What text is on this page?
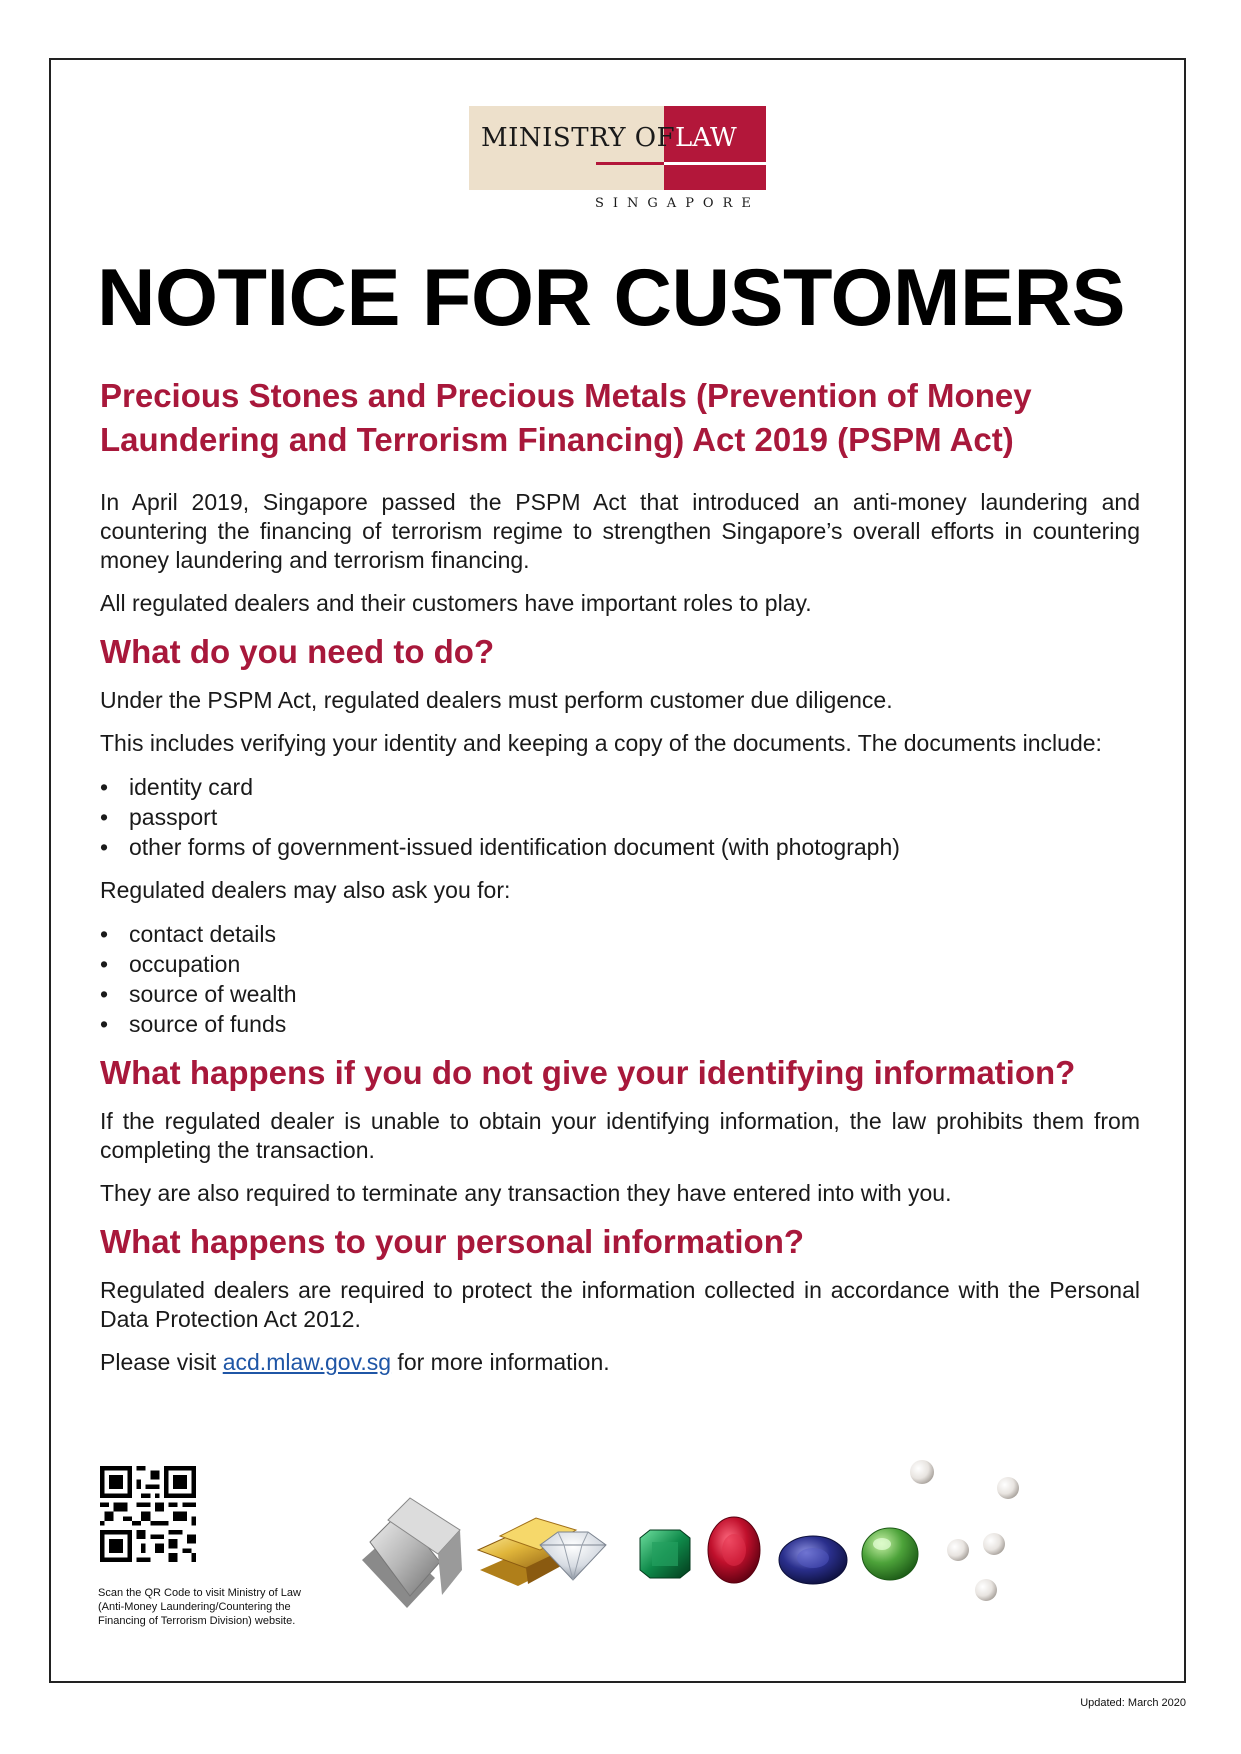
MINISTRY OF LAW
SINGAPORE
NOTICE FOR CUSTOMERS
Precious Stones and Precious Metals (Prevention of Money Laundering and Terrorism Financing) Act 2019 (PSPM Act)

In April 2019, Singapore passed the PSPM Act that introduced an anti-money laundering and countering the financing of terrorism regime to strengthen Singapore’s overall efforts in countering money laundering and terrorism financing.

All regulated dealers and their customers have important roles to play.

What do you need to do?

Under the PSPM Act, regulated dealers must perform customer due diligence.

This includes verifying your identity and keeping a copy of the documents. The documents include:

• identity card
• passport
• other forms of government-issued identification document (with photograph)

Regulated dealers may also ask you for:

• contact details
• occupation
• source of wealth
• source of funds
What happens if you do not give your identifying information?

If the regulated dealer is unable to obtain your identifying information, the law prohibits them from completing the transaction.

They are also required to terminate any transaction they have entered into with you.

What happens to your personal information?

Regulated dealers are required to protect the information collected in accordance with the Personal Data Protection Act 2012.

Please visit acd.mlaw.gov.sg for more information.

Scan the QR Code to visit Ministry of Law (Anti-Money Laundering/Countering the Financing of Terrorism Division) website.
Updated: March 2020
